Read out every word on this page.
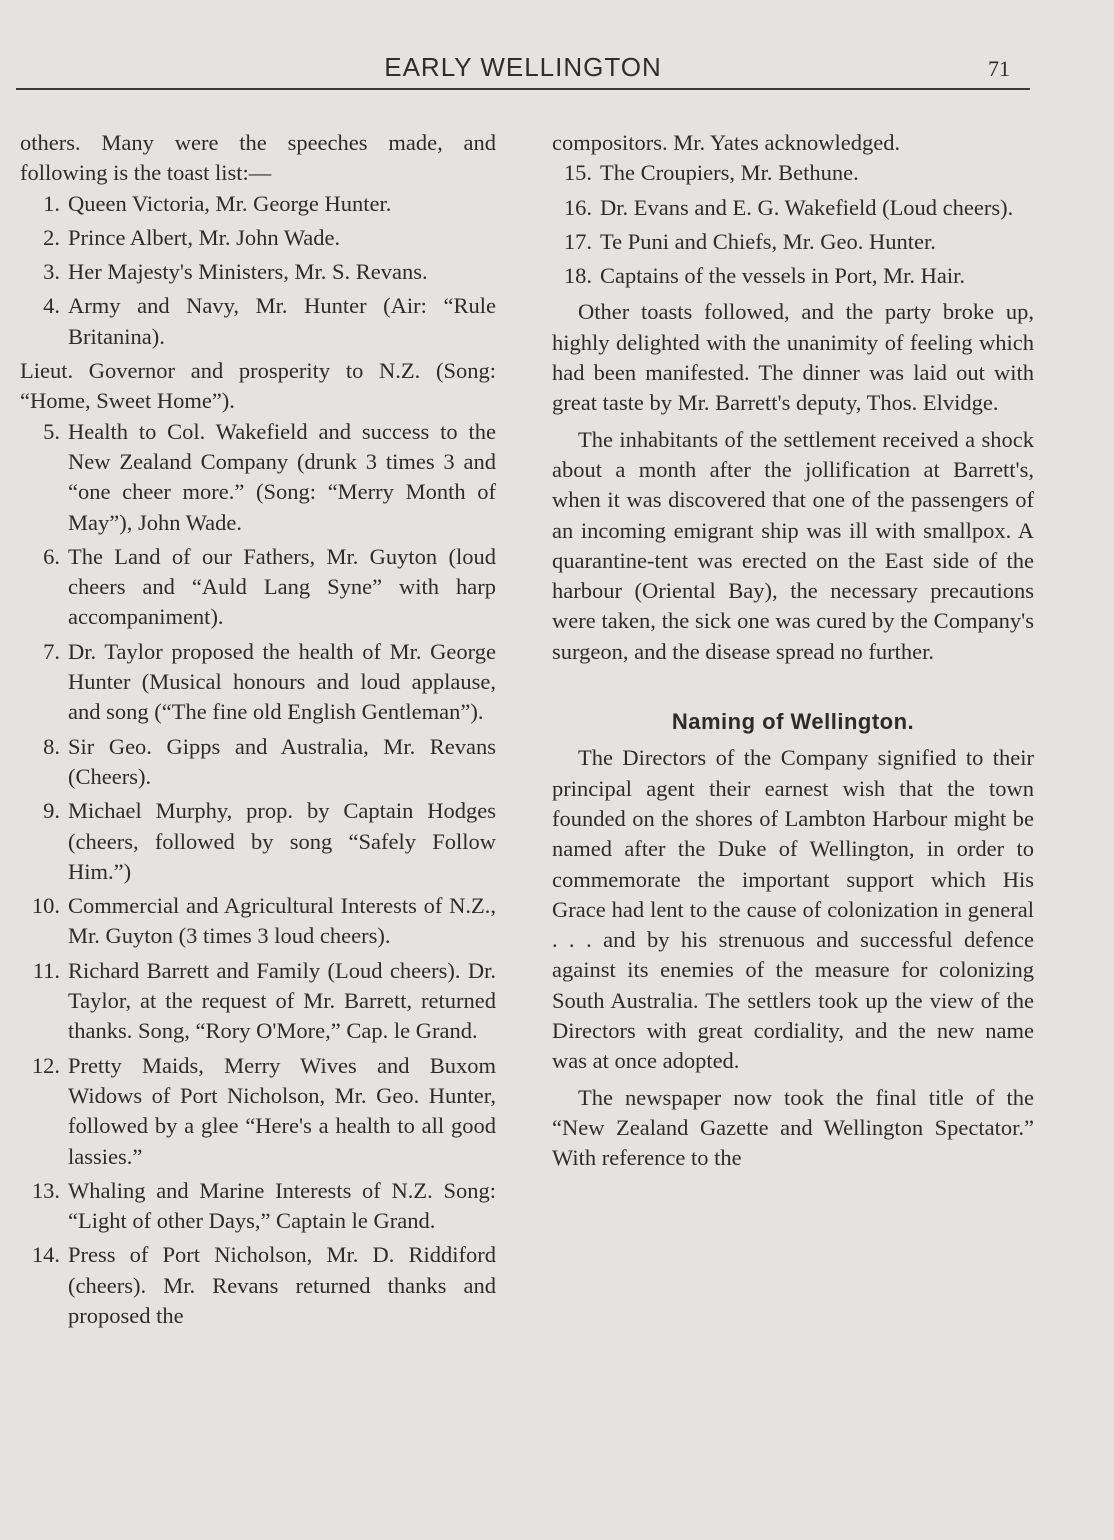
EARLY WELLINGTON	71

others. Many were the speeches made, and following is the toast list:—

1. Queen Victoria, Mr. George Hunter.
2. Prince Albert, Mr. John Wade.
3. Her Majesty's Ministers, Mr. S. Revans.
4. Army and Navy, Mr. Hunter (Air: “Rule Britanina).

Lieut. Governor and prosperity to N.Z. (Song: “Home, Sweet Home”).

5. Health to Col. Wakefield and success to the New Zealand Company (drunk 3 times 3 and “one cheer more.” (Song: “Merry Month of May”), John Wade.
6. The Land of our Fathers, Mr. Guyton (loud cheers and “Auld Lang Syne” with harp accompaniment).
7. Dr. Taylor proposed the health of Mr. George Hunter (Musical honours and loud applause, and song (“The fine old English Gentleman”).
8. Sir Geo. Gipps and Australia, Mr. Revans (Cheers).
9. Michael Murphy, prop. by Captain Hodges (cheers, followed by song “Safely Follow Him.”)
10. Commercial and Agricultural Interests of N.Z., Mr. Guyton (3 times 3 loud cheers).
11. Richard Barrett and Family (Loud cheers). Dr. Taylor, at the request of Mr. Barrett, returned thanks. Song, “Rory O'More,” Cap. le Grand.
12. Pretty Maids, Merry Wives and Buxom Widows of Port Nicholson, Mr. Geo. Hunter, followed by a glee “Here's a health to all good lassies.”
13. Whaling and Marine Interests of N.Z. Song: “Light of other Days,” Captain le Grand.
14. Press of Port Nicholson, Mr. D. Riddiford (cheers). Mr. Revans returned thanks and proposed the

compositors. Mr. Yates acknowledged.

15. The Croupiers, Mr. Bethune.
16. Dr. Evans and E. G. Wakefield (Loud cheers).
17. Te Puni and Chiefs, Mr. Geo. Hunter.
18. Captains of the vessels in Port, Mr. Hair.

Other toasts followed, and the party broke up, highly delighted with the unanimity of feeling which had been manifested. The dinner was laid out with great taste by Mr. Barrett's deputy, Thos. Elvidge.

The inhabitants of the settlement received a shock about a month after the jollification at Barrett's, when it was discovered that one of the passengers of an incoming emigrant ship was ill with smallpox. A quarantine-tent was erected on the East side of the harbour (Oriental Bay), the necessary precautions were taken, the sick one was cured by the Company's surgeon, and the disease spread no further.

Naming of Wellington.

The Directors of the Company signified to their principal agent their earnest wish that the town founded on the shores of Lambton Harbour might be named after the Duke of Wellington, in order to commemorate the important support which His Grace had lent to the cause of colonization in general . . . and by his strenuous and successful defence against its enemies of the measure for colonizing South Australia. The settlers took up the view of the Directors with great cordiality, and the new name was at once adopted.

The newspaper now took the final title of the “New Zealand Gazette and Wellington Spectator.” With reference to the
